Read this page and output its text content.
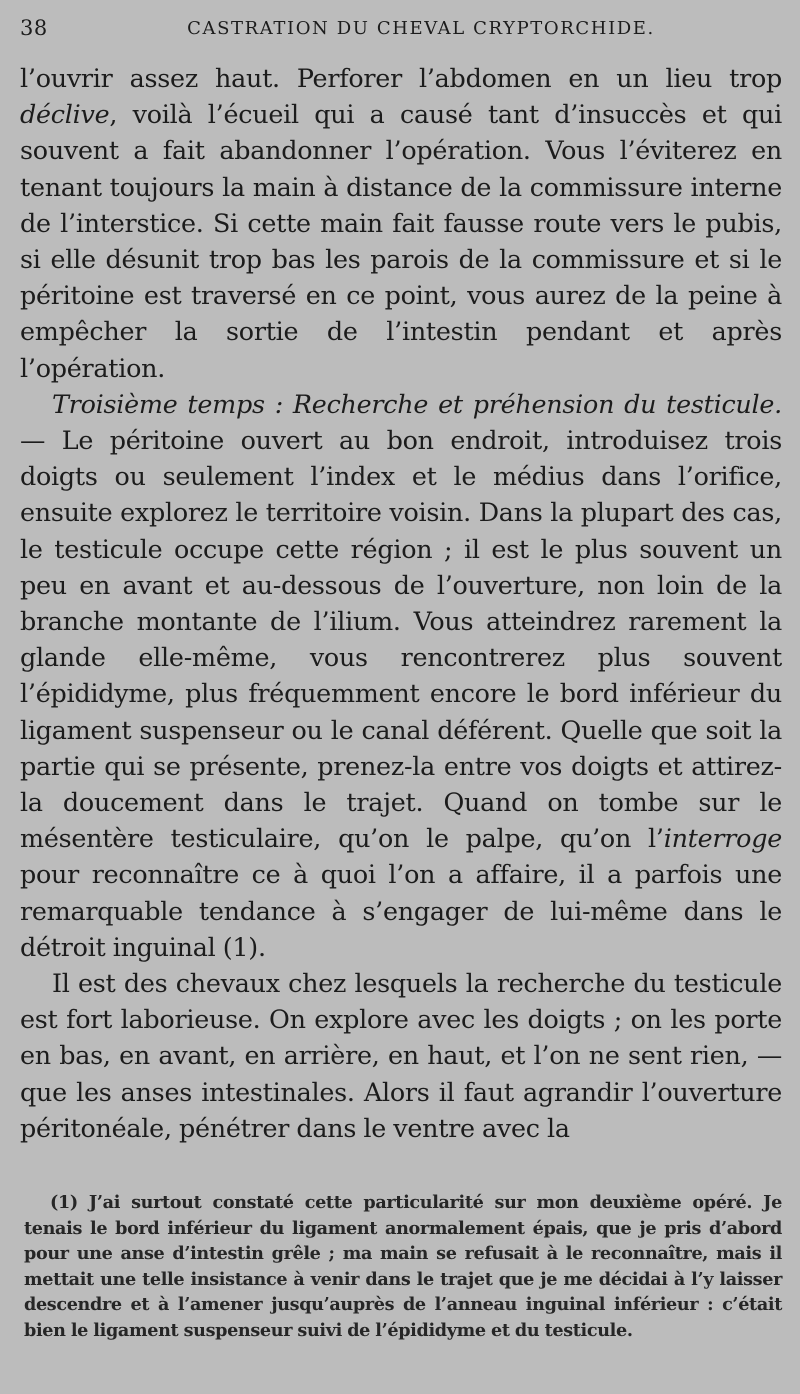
38	CASTRATION DU CHEVAL CRYPTORCHIDE.

l’ouvrir assez haut. Perforer l’abdomen en un lieu trop déclive, voilà l’écueil qui a causé tant d’insuccès et qui souvent a fait abandonner l’opération. Vous l’éviterez en tenant toujours la main à distance de la commissure interne de l’interstice. Si cette main fait fausse route vers le pubis, si elle désunit trop bas les parois de la commissure et si le péritoine est traversé en ce point, vous aurez de la peine à empêcher la sortie de l’intestin pendant et après l’opération.

Troisième temps : Recherche et préhension du testicule. — Le péritoine ouvert au bon endroit, introduisez trois doigts ou seulement l’index et le médius dans l’orifice, ensuite explorez le territoire voisin. Dans la plupart des cas, le testicule occupe cette région ; il est le plus souvent un peu en avant et au-dessous de l’ouverture, non loin de la branche montante de l’ilium. Vous atteindrez rarement la glande elle-même, vous rencontrerez plus souvent l’épididyme, plus fréquemment encore le bord inférieur du ligament suspenseur ou le canal déférent. Quelle que soit la partie qui se présente, prenez-la entre vos doigts et attirez-la doucement dans le trajet. Quand on tombe sur le mésentère testiculaire, qu’on le palpe, qu’on l’interroge pour reconnaître ce à quoi l’on a affaire, il a parfois une remarquable tendance à s’engager de lui-même dans le détroit inguinal (1).

Il est des chevaux chez lesquels la recherche du testicule est fort laborieuse. On explore avec les doigts ; on les porte en bas, en avant, en arrière, en haut, et l’on ne sent rien, — que les anses intestinales. Alors il faut agrandir l’ouverture péritonéale, pénétrer dans le ventre avec la

(1) J’ai surtout constaté cette particularité sur mon deuxième opéré. Je tenais le bord inférieur du ligament anormalement épais, que je pris d’abord pour une anse d’intestin grêle ; ma main se refusait à le reconnaître, mais il mettait une telle insistance à venir dans le trajet que je me décidai à l’y laisser descendre et à l’amener jusqu’auprès de l’anneau inguinal inférieur : c’était bien le ligament suspenseur suivi de l’épididyme et du testicule.
